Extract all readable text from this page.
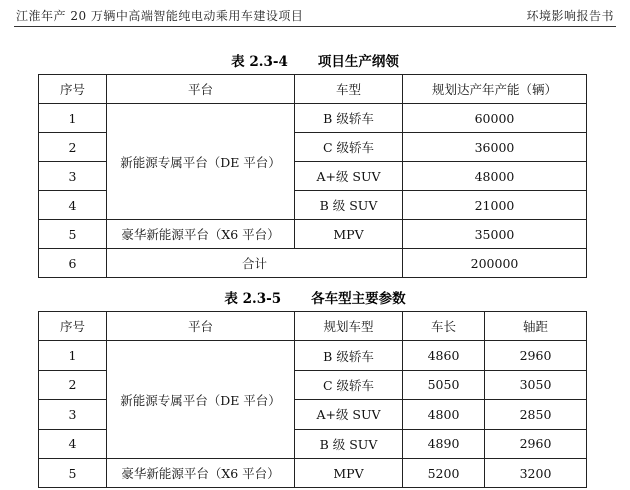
江淮年产 20 万辆中高端智能纯电动乘用车建设项目	环境影响报告书
表 2.3-4 项目生产纲领
序号	平台	车型	规划达产年产能（辆）
1	新能源专属平台（DE 平台）	B 级轿车	60000
2		C 级轿车	36000
3		A+级 SUV	48000
4		B 级 SUV	21000
5	豪华新能源平台（X6 平台）	MPV	35000
6	合计		200000
表 2.3-5 各车型主要参数
序号	平台	规划车型	车长	轴距
1	新能源专属平台（DE 平台）	B 级轿车	4860	2960
2		C 级轿车	5050	3050
3		A+级 SUV	4800	2850
4		B 级 SUV	4890	2960
5	豪华新能源平台（X6 平台）	MPV	5200	3200
